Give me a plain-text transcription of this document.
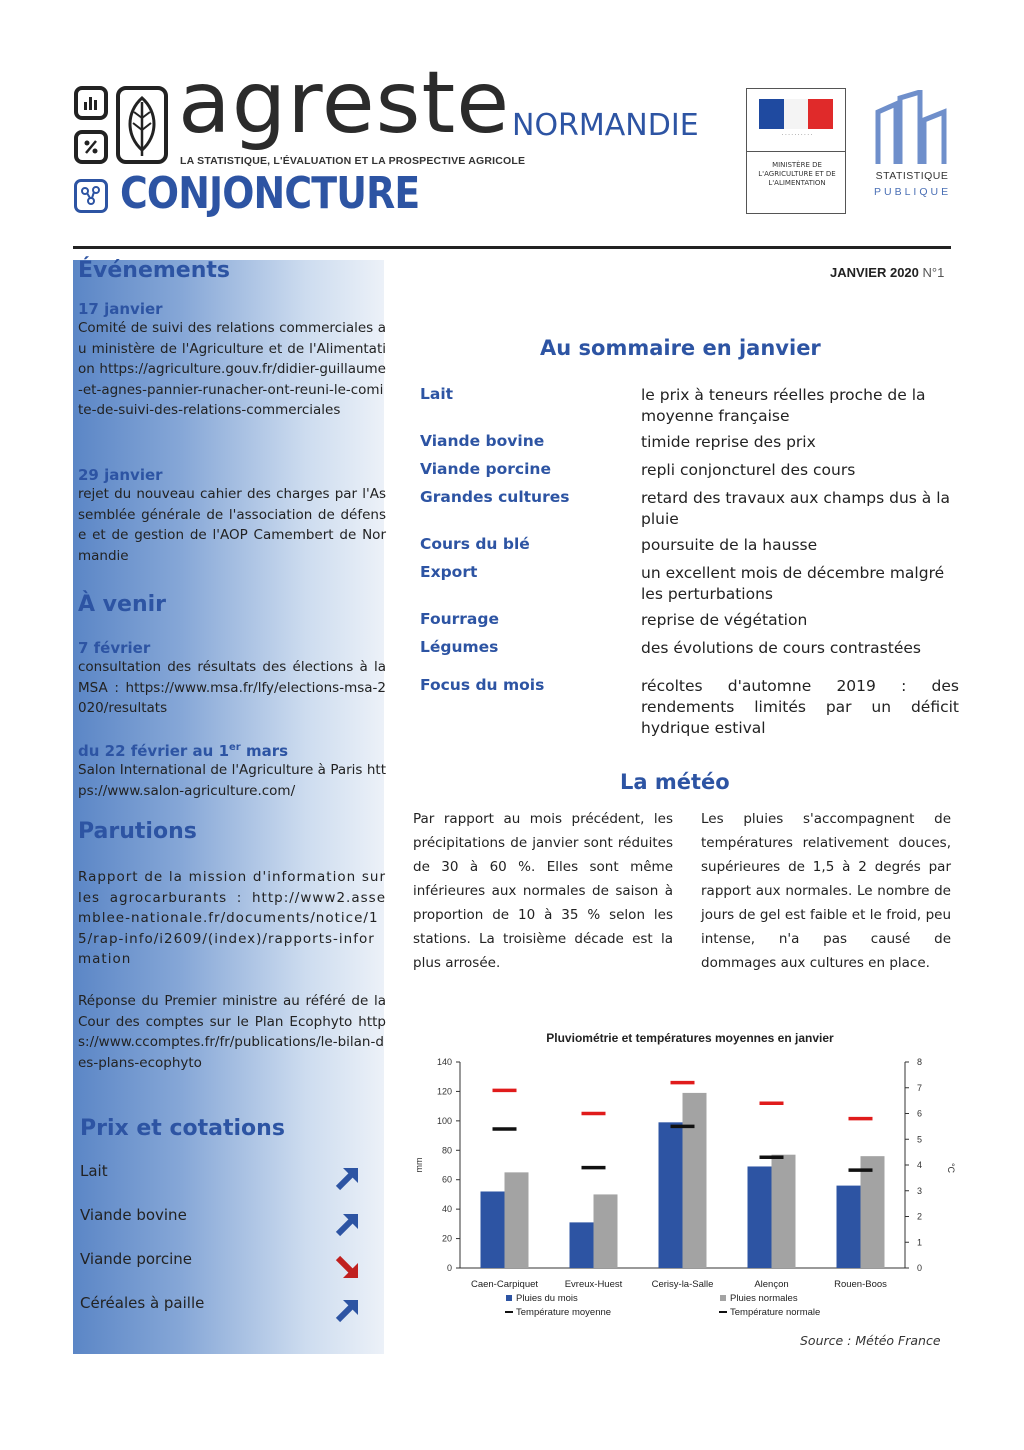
agreste
LA STATISTIQUE, L'ÉVALUATION ET LA PROSPECTIVE AGRICOLE
CONJONCTURE
NORMANDIE	· · · · · · · · · ·
MINISTÈRE DE L'AGRICULTURE ET DE L'ALIMENTATION
STATISTIQUE
PUBLIQUE
Événements
17 janvier
Comité de suivi des relations commerciales au ministère de l'Agriculture et de l'Alimentation https://agriculture.gouv.fr/didier-guillaume-et-agnes-pannier-runacher-ont-reuni-le-comite-de-suivi-des-relations-commerciales
29 janvier
rejet du nouveau cahier des charges par l'Assemblée générale de l'association de défense et de gestion de l'AOP Camembert de Normandie
À venir
7 février
consultation des résultats des élections à la MSA : https://www.msa.fr/lfy/elections-msa-2020/resultats
du 22 février au 1er mars
Salon International de l'Agriculture à Paris https://www.salon-agriculture.com/
Parutions
Rapport de la mission d'information sur les agrocarburants : http://www2.assemblee-nationale.fr/documents/notice/15/rap-info/i2609/(index)/rapports-information
Réponse du Premier ministre au référé de la Cour des comptes sur le Plan Ecophyto https://www.ccomptes.fr/fr/publications/le-bilan-des-plans-ecophyto
Prix et cotations
Lait
Viande bovine
Viande porcine
Céréales à paille
JANVIER 2020 N°1
Au sommaire en janvier
Lait	le prix à teneurs réelles proche de la moyenne française
Viande bovine	timide reprise des prix
Viande porcine	repli conjoncturel des cours
Grandes cultures	retard des travaux aux champs dus à la pluie
Cours du blé	poursuite de la hausse
Export	un excellent mois de décembre malgré les perturbations
Fourrage	reprise de végétation
Légumes	des évolutions de cours contrastées
Focus du mois	récoltes d'automne 2019 : des rendements limités par un déficit hydrique estival
La météo
Par rapport au mois précédent, les précipitations de janvier sont réduites de 30 à 60 %. Elles sont même inférieures aux normales de saison à proportion de 10 à 35 % selon les stations. La troisième décade est la plus arrosée.
Les pluies s'accompagnent de températures relativement douces, supérieures de 1,5 à 2 degrés par rapport aux normales. Le nombre de jours de gel est faible et le froid, peu intense, n'a pas causé de dommages aux cultures en place.
Pluviométrie et températures moyennes en janvier
0
20
40
60
80
100
120
140
0
1
2
3
4
5
6
7
8
mm	°C
Caen-Carpiquet	Evreux-Huest	Cerisy-la-Salle	Alençon	Rouen-Boos
Pluies du mois	Pluies normales
Température moyenne	Température normale
Source : Météo France
